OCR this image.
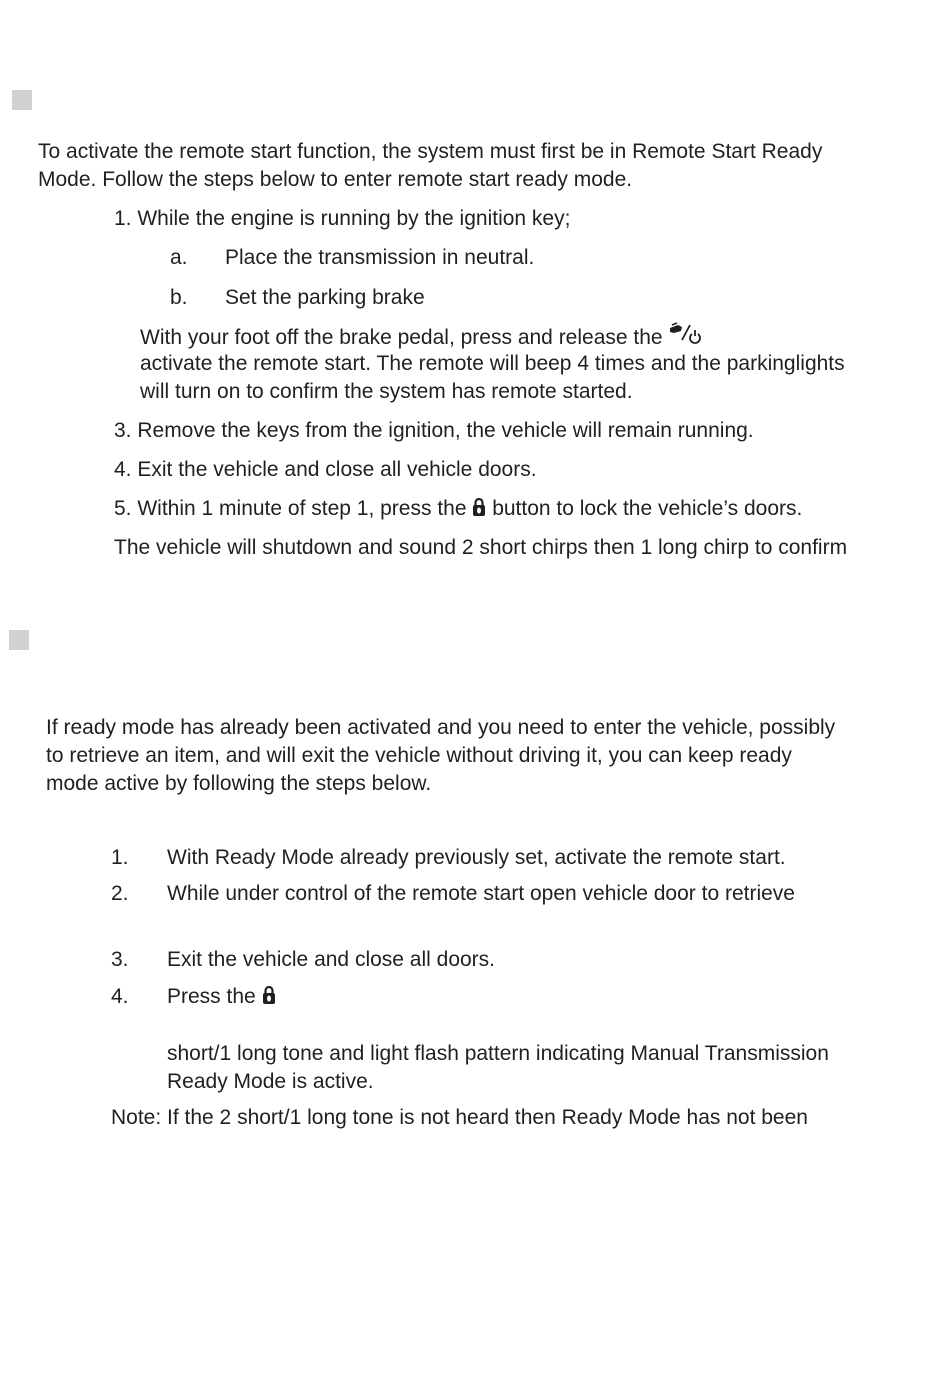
To activate the remote start function, the system must first be in Remote Start Ready

Mode. Follow the steps below to enter remote start ready mode.

1. While the engine is running by the ignition key;

a. Place the transmission in neutral.
b. Set the parking brake

With your foot off the brake pedal, press and release the

activate the remote start. The remote will beep 4 times and the parkinglights

will turn on to confirm the system has remote started.

3. Remove the keys from the ignition, the vehicle will remain running.

4. Exit the vehicle and close all vehicle doors.

5. Within 1 minute of step 1, press the button to lock the vehicle’s doors.

The vehicle will shutdown and sound 2 short chirps then 1 long chirp to confirm

If ready mode has already been activated and you need to enter the vehicle, possibly

to retrieve an item, and will exit the vehicle without driving it, you can keep ready

mode active by following the steps below.

1. With Ready Mode already previously set, activate the remote start.
2. While under control of the remote start open vehicle door to retrieve
3. Exit the vehicle and close all doors.
4. Press the

short/1 long tone and light flash pattern indicating Manual Transmission

Ready Mode is active.

Note: If the 2 short/1 long tone is not heard then Ready Mode has not been
